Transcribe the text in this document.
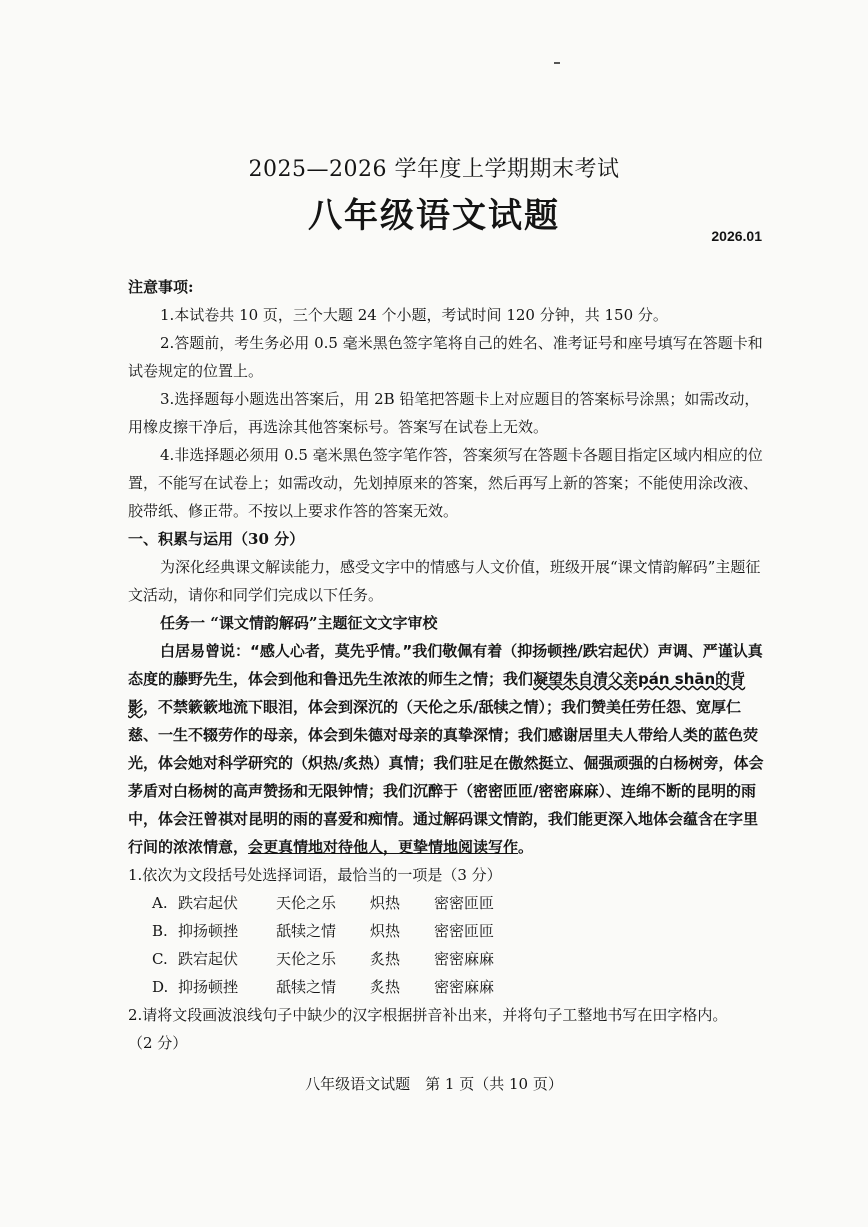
2025—2026 学年度上学期期末考试
八年级语文试题	2026.01

注意事项:

1.本试卷共 10 页，三个大题 24 个小题，考试时间 120 分钟，共 150 分。

2.答题前，考生务必用 0.5 毫米黑色签字笔将自己的姓名、准考证号和座号填写在答题卡和试卷规定的位置上。

3.选择题每小题选出答案后，用 2B 铅笔把答题卡上对应题目的答案标号涂黑；如需改动，用橡皮擦干净后，再选涂其他答案标号。答案写在试卷上无效。

4.非选择题必须用 0.5 毫米黑色签字笔作答，答案须写在答题卡各题目指定区域内相应的位置，不能写在试卷上；如需改动，先划掉原来的答案，然后再写上新的答案；不能使用涂改液、胶带纸、修正带。不按以上要求作答的答案无效。

一、积累与运用（30 分）

为深化经典课文解读能力，感受文字中的情感与人文价值，班级开展“课文情韵解码”主题征文活动，请你和同学们完成以下任务。

任务一 “课文情韵解码”主题征文文字审校

白居易曾说：“感人心者，莫先乎情。”我们敬佩有着（抑扬顿挫/跌宕起伏）声调、严谨认真态度的藤野先生，体会到他和鲁迅先生浓浓的师生之情；我们凝望朱自清父亲pán shān的背影，不禁簌簌地流下眼泪，体会到深沉的（天伦之乐/舐犊之情）；我们赞美任劳任怨、宽厚仁慈、一生不辍劳作的母亲，体会到朱德对母亲的真挚深情；我们感谢居里夫人带给人类的蓝色荧光，体会她对科学研究的（炽热/炙热）真情；我们驻足在傲然挺立、倔强顽强的白杨树旁，体会茅盾对白杨树的高声赞扬和无限钟情；我们沉醉于（密密匝匝/密密麻麻）、连绵不断的昆明的雨中，体会汪曾祺对昆明的雨的喜爱和痴情。通过解码课文情韵，我们能更深入地体会蕴含在字里行间的浓浓情意，会更真情地对待他人，更挚情地阅读写作。

1.依次为文段括号处选择词语，最恰当的一项是（3 分）

A. 跌宕起伏	天伦之乐	炽热	密密匝匝
B. 抑扬顿挫	舐犊之情	炽热	密密匝匝
C. 跌宕起伏	天伦之乐	炙热	密密麻麻
D. 抑扬顿挫	舐犊之情	炙热	密密麻麻

2.请将文段画波浪线句子中缺少的汉字根据拼音补出来，并将句子工整地书写在田字格内。

（2 分）

八年级语文试题　第 1 页（共 10 页）
